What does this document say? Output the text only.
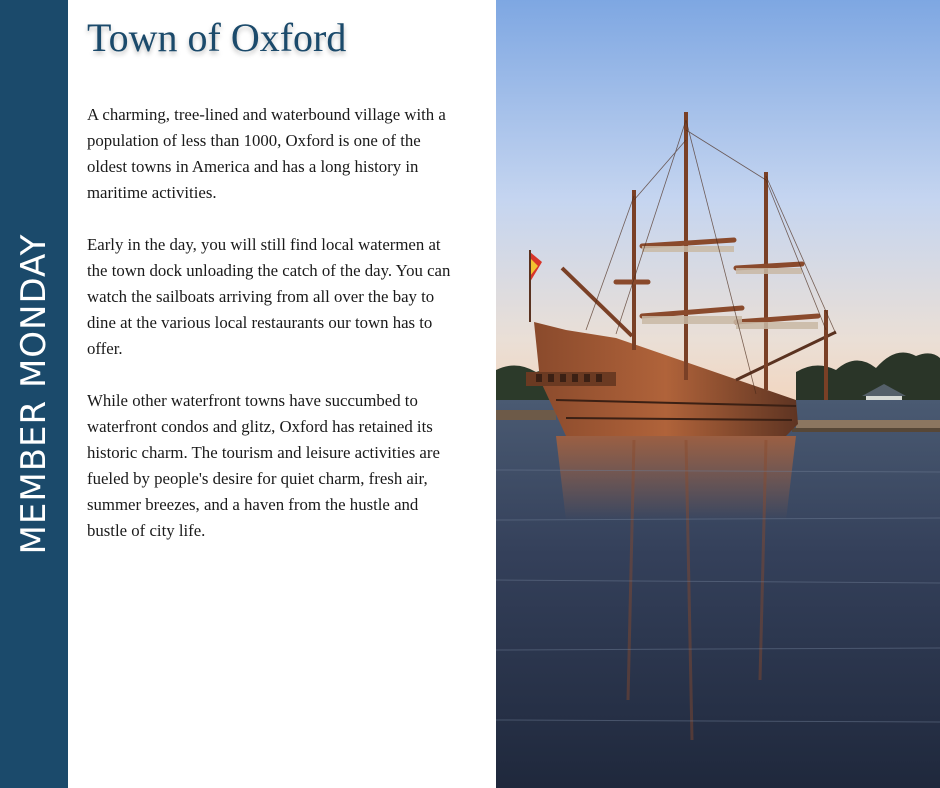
MEMBER MONDAY
Town of Oxford

A charming, tree-lined and waterbound village with a population of less than 1000, Oxford is one of the oldest towns in America and has a long history in maritime activities.

Early in the day, you will still find local watermen at the town dock unloading the catch of the day. You can watch the sailboats arriving from all over the bay to dine at the various local restaurants our town has to offer.

While other waterfront towns have succumbed to waterfront condos and glitz, Oxford has retained its historic charm. The tourism and leisure activities are fueled by people's desire for quiet charm, fresh air, summer breezes, and a haven from the hustle and bustle of city life.
